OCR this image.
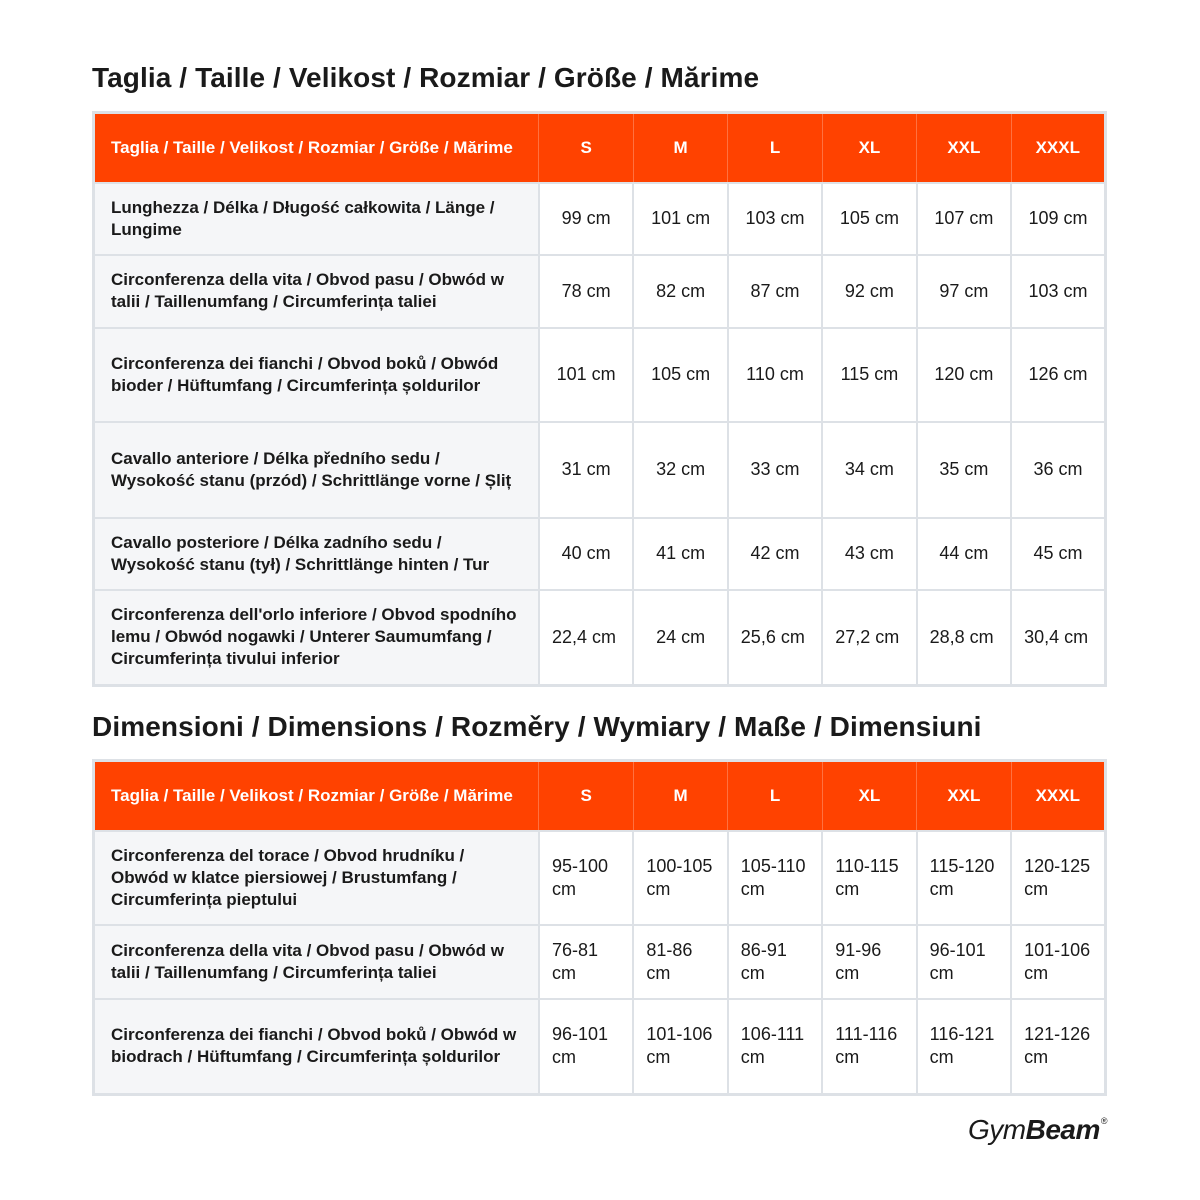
Taglia / Taille / Velikost / Rozmiar / Größe / Mărime
Taglia / Taille / Velikost / Rozmiar / Größe / Mărime	S	M	L	XL	XXL	XXXL
Lunghezza / Délka / Długość całkowita / Länge / Lungime	99 cm	101 cm	103 cm	105 cm	107 cm	109 cm
Circonferenza della vita / Obvod pasu / Obwód w talii / Taillenumfang / Circumferința taliei	78 cm	82 cm	87 cm	92 cm	97 cm	103 cm
Circonferenza dei fianchi / Obvod boků / Obwód bioder / Hüftumfang / Circumferința șoldurilor	101 cm	105 cm	110 cm	115 cm	120 cm	126 cm
Cavallo anteriore / Délka předního sedu / Wysokość stanu (przód) / Schrittlänge vorne / Șliț	31 cm	32 cm	33 cm	34 cm	35 cm	36 cm
Cavallo posteriore / Délka zadního sedu / Wysokość stanu (tył) / Schrittlänge hinten / Tur	40 cm	41 cm	42 cm	43 cm	44 cm	45 cm
Circonferenza dell'orlo inferiore / Obvod spodního lemu / Obwód nogawki / Unterer Saumumfang / Circumferința tivului inferior	22,4 cm	24 cm	25,6 cm	27,2 cm	28,8 cm	30,4 cm
Dimensioni / Dimensions / Rozměry / Wymiary / Maße / Dimensiuni
Taglia / Taille / Velikost / Rozmiar / Größe / Mărime	S	M	L	XL	XXL	XXXL
Circonferenza del torace / Obvod hrudníku / Obwód w klatce piersiowej / Brustumfang / Circumferința pieptului	95-100 cm	100-105 cm	105-110 cm	110-115 cm	115-120 cm	120-125 cm
Circonferenza della vita / Obvod pasu / Obwód w talii / Taillenumfang / Circumferința taliei	76-81 cm	81-86 cm	86-91 cm	91-96 cm	96-101 cm	101-106 cm
Circonferenza dei fianchi / Obvod boků / Obwód w biodrach / Hüftumfang / Circumferința șoldurilor	96-101 cm	101-106 cm	106-111 cm	111-116 cm	116-121 cm	121-126 cm
GymBeam®
